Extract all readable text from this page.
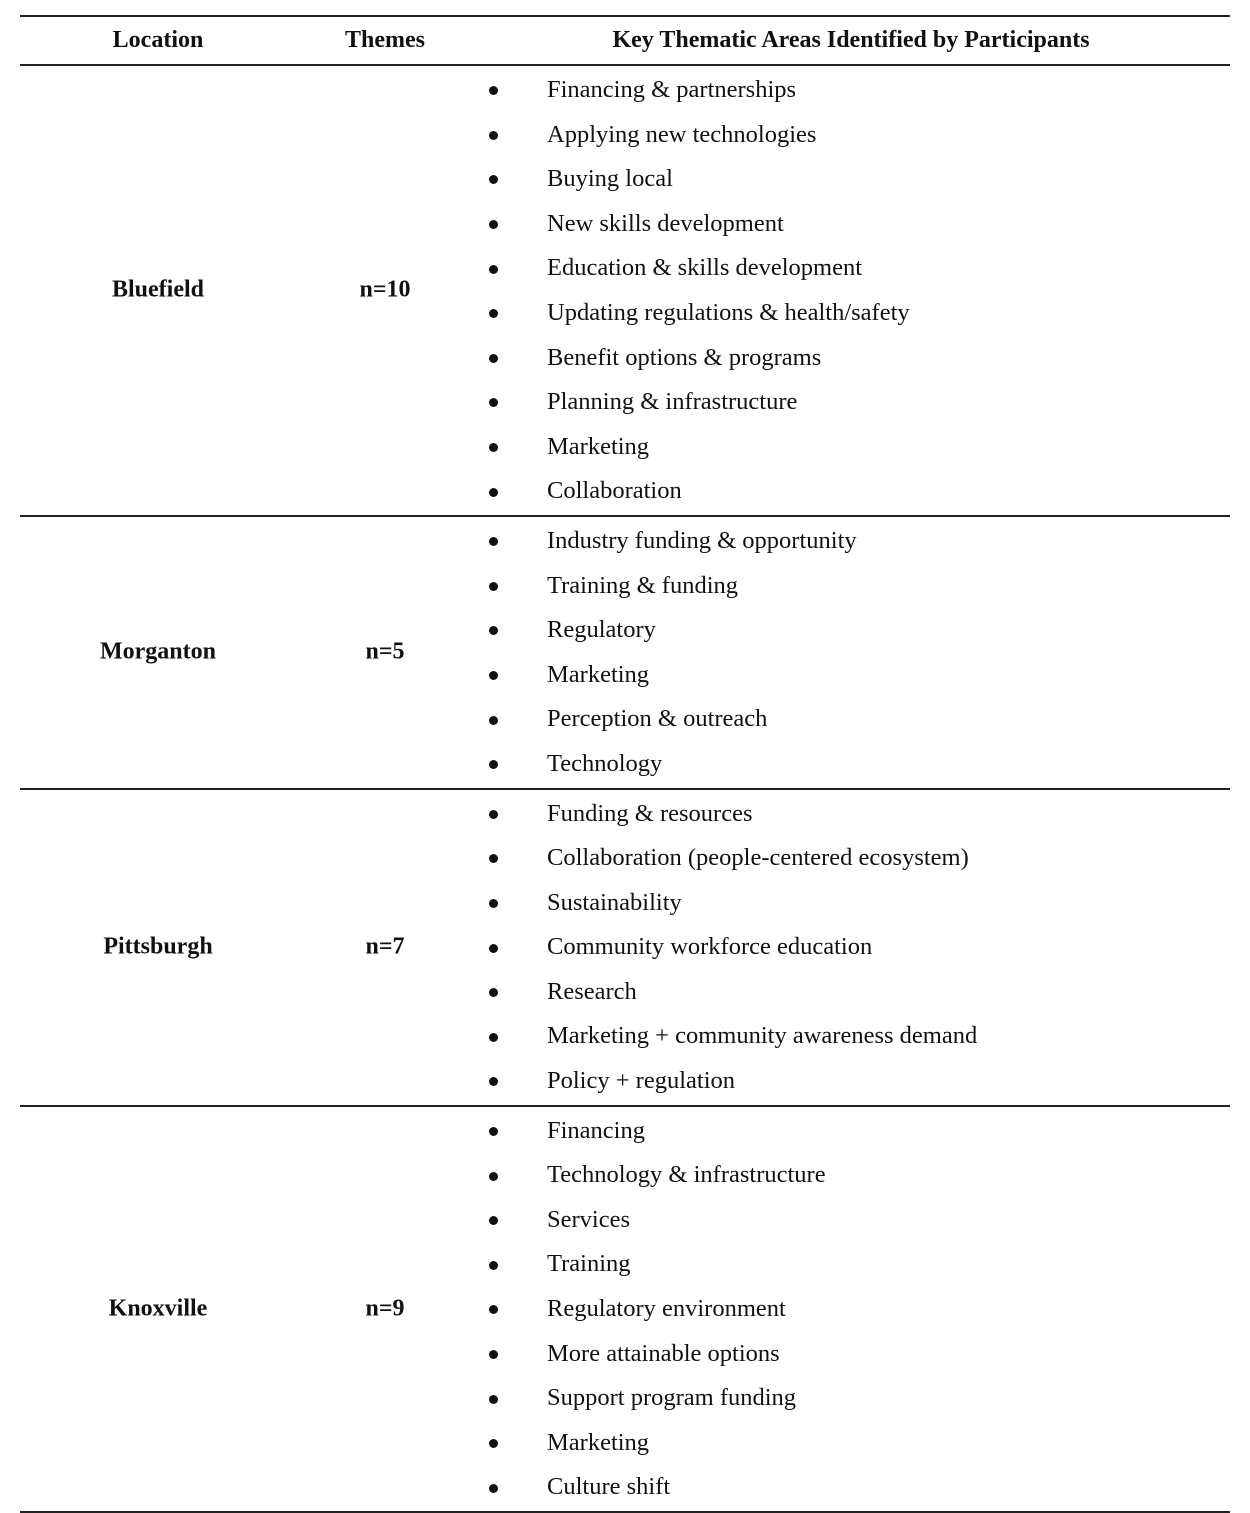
Location	Themes	Key Thematic Areas Identified by Participants
Bluefield	n=10
Financing & partnerships
Applying new technologies
Buying local
New skills development
Education & skills development
Updating regulations & health/safety
Benefit options & programs
Planning & infrastructure
Marketing
Collaboration
Morganton	n=5
Industry funding & opportunity
Training & funding
Regulatory
Marketing
Perception & outreach
Technology
Pittsburgh	n=7
Funding & resources
Collaboration (people-centered ecosystem)
Sustainability
Community workforce education
Research
Marketing + community awareness demand
Policy + regulation
Knoxville	n=9
Financing
Technology & infrastructure
Services
Training
Regulatory environment
More attainable options
Support program funding
Marketing
Culture shift
